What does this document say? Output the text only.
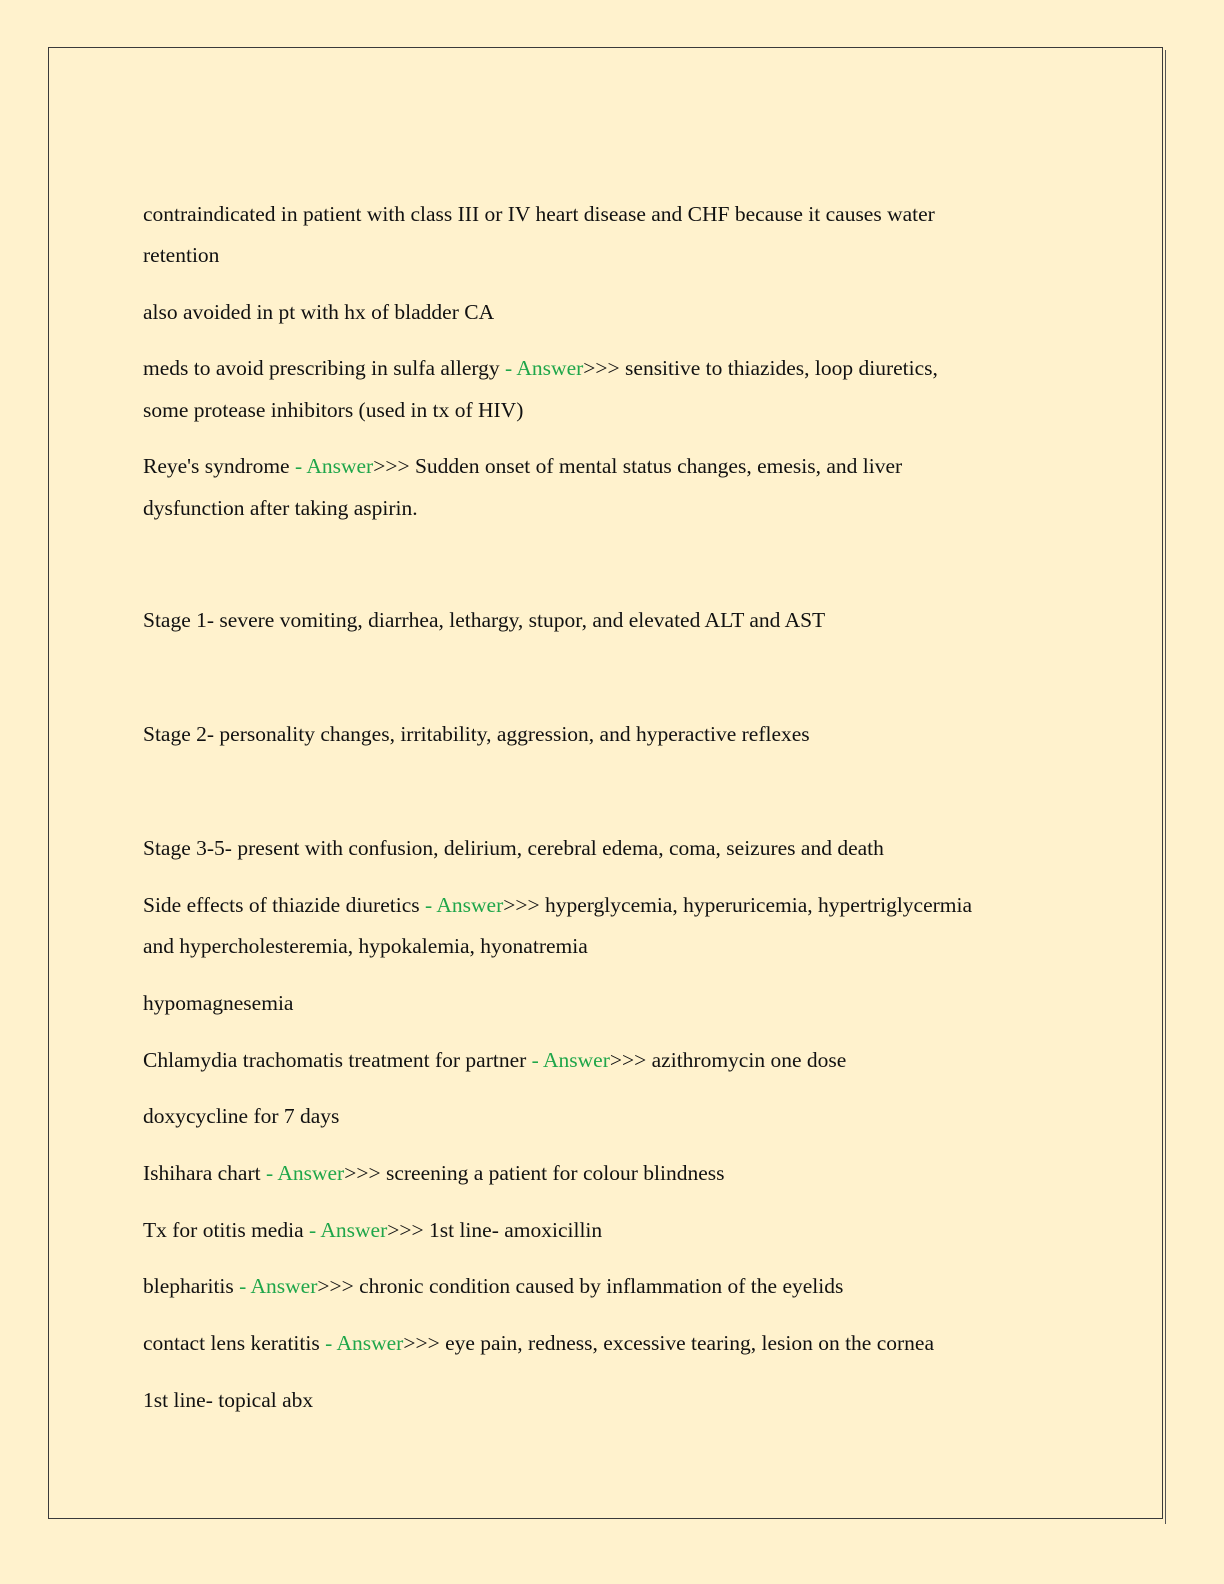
contraindicated in patient with class III or IV heart disease and CHF because it causes water
retention
also avoided in pt with hx of bladder CA
meds to avoid prescribing in sulfa allergy - Answer>>> sensitive to thiazides, loop diuretics,
some protease inhibitors (used in tx of HIV)
Reye's syndrome - Answer>>> Sudden onset of mental status changes, emesis, and liver
dysfunction after taking aspirin.
Stage 1- severe vomiting, diarrhea, lethargy, stupor, and elevated ALT and AST
Stage 2- personality changes, irritability, aggression, and hyperactive reflexes
Stage 3-5- present with confusion, delirium, cerebral edema, coma, seizures and death
Side effects of thiazide diuretics - Answer>>> hyperglycemia, hyperuricemia, hypertriglycermia
and hypercholesteremia, hypokalemia, hyonatremia
hypomagnesemia
Chlamydia trachomatis treatment for partner - Answer>>> azithromycin one dose
doxycycline for 7 days
Ishihara chart - Answer>>> screening a patient for colour blindness
Tx for otitis media - Answer>>> 1st line- amoxicillin
blepharitis - Answer>>> chronic condition caused by inflammation of the eyelids
contact lens keratitis - Answer>>> eye pain, redness, excessive tearing, lesion on the cornea
1st line- topical abx
